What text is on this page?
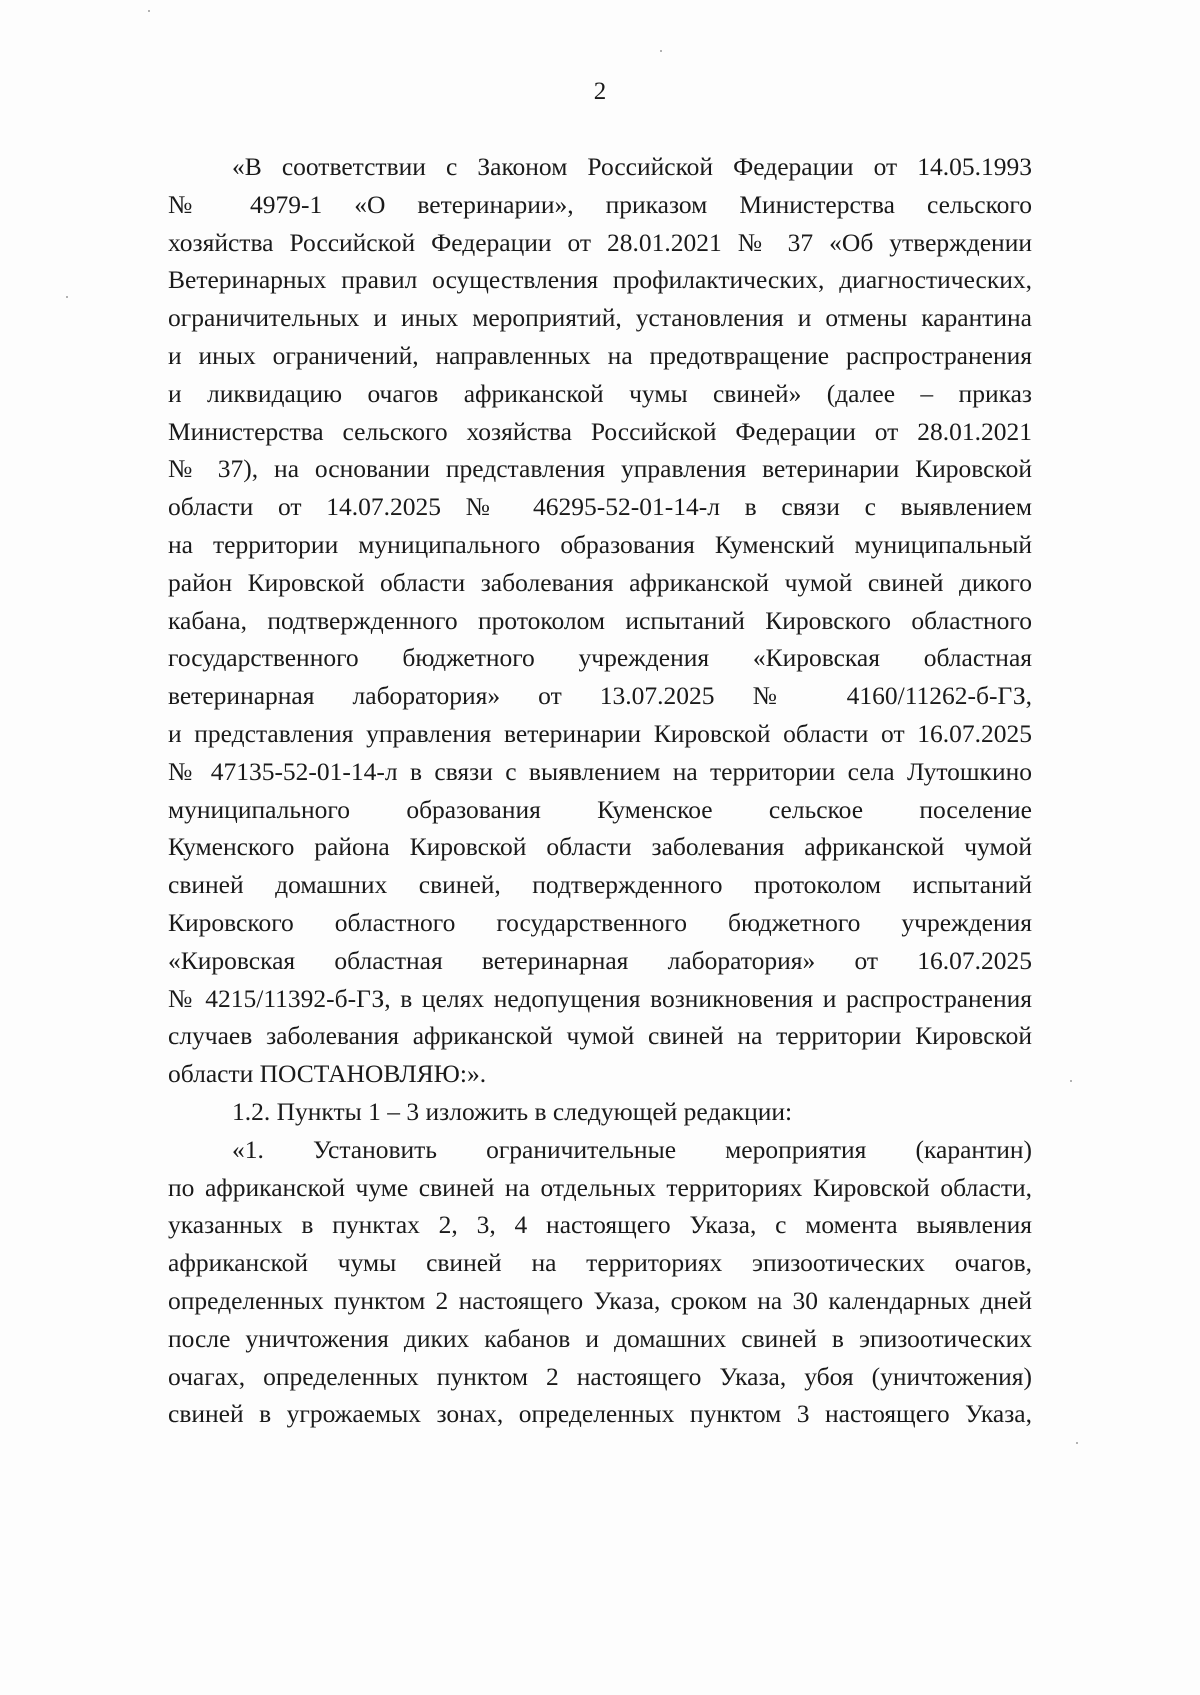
2
«В соответствии с Законом Российской Федерации от 14.05.1993
№ 4979-1 «О ветеринарии», приказом Министерства сельского
хозяйства Российской Федерации от 28.01.2021 № 37 «Об утверждении
Ветеринарных правил осуществления профилактических, диагностических,
ограничительных и иных мероприятий, установления и отмены карантина
и иных ограничений, направленных на предотвращение распространения
и ликвидацию очагов африканской чумы свиней» (далее – приказ
Министерства сельского хозяйства Российской Федерации от 28.01.2021
№ 37), на основании представления управления ветеринарии Кировской
области от 14.07.2025 № 46295-52-01-14-л в связи с выявлением
на территории муниципального образования Куменский муниципальный
район Кировской области заболевания африканской чумой свиней дикого
кабана, подтвержденного протоколом испытаний Кировского областного
государственного бюджетного учреждения «Кировская областная
ветеринарная лаборатория» от 13.07.2025 № 4160/11262-б-ГЗ,
и представления управления ветеринарии Кировской области от 16.07.2025
№ 47135-52-01-14-л в связи с выявлением на территории села Лутошкино
муниципального образования Куменское сельское поселение
Куменского района Кировской области заболевания африканской чумой
свиней домашних свиней, подтвержденного протоколом испытаний
Кировского областного государственного бюджетного учреждения
«Кировская областная ветеринарная лаборатория» от 16.07.2025
№ 4215/11392-б-ГЗ, в целях недопущения возникновения и распространения
случаев заболевания африканской чумой свиней на территории Кировской
области ПОСТАНОВЛЯЮ:».
1.2. Пункты 1 – 3 изложить в следующей редакции:
«1. Установить ограничительные мероприятия (карантин)
по африканской чуме свиней на отдельных территориях Кировской области,
указанных в пунктах 2, 3, 4 настоящего Указа, с момента выявления
африканской чумы свиней на территориях эпизоотических очагов,
определенных пунктом 2 настоящего Указа, сроком на 30 календарных дней
после уничтожения диких кабанов и домашних свиней в эпизоотических
очагах, определенных пунктом 2 настоящего Указа, убоя (уничтожения)
свиней в угрожаемых зонах, определенных пунктом 3 настоящего Указа,
